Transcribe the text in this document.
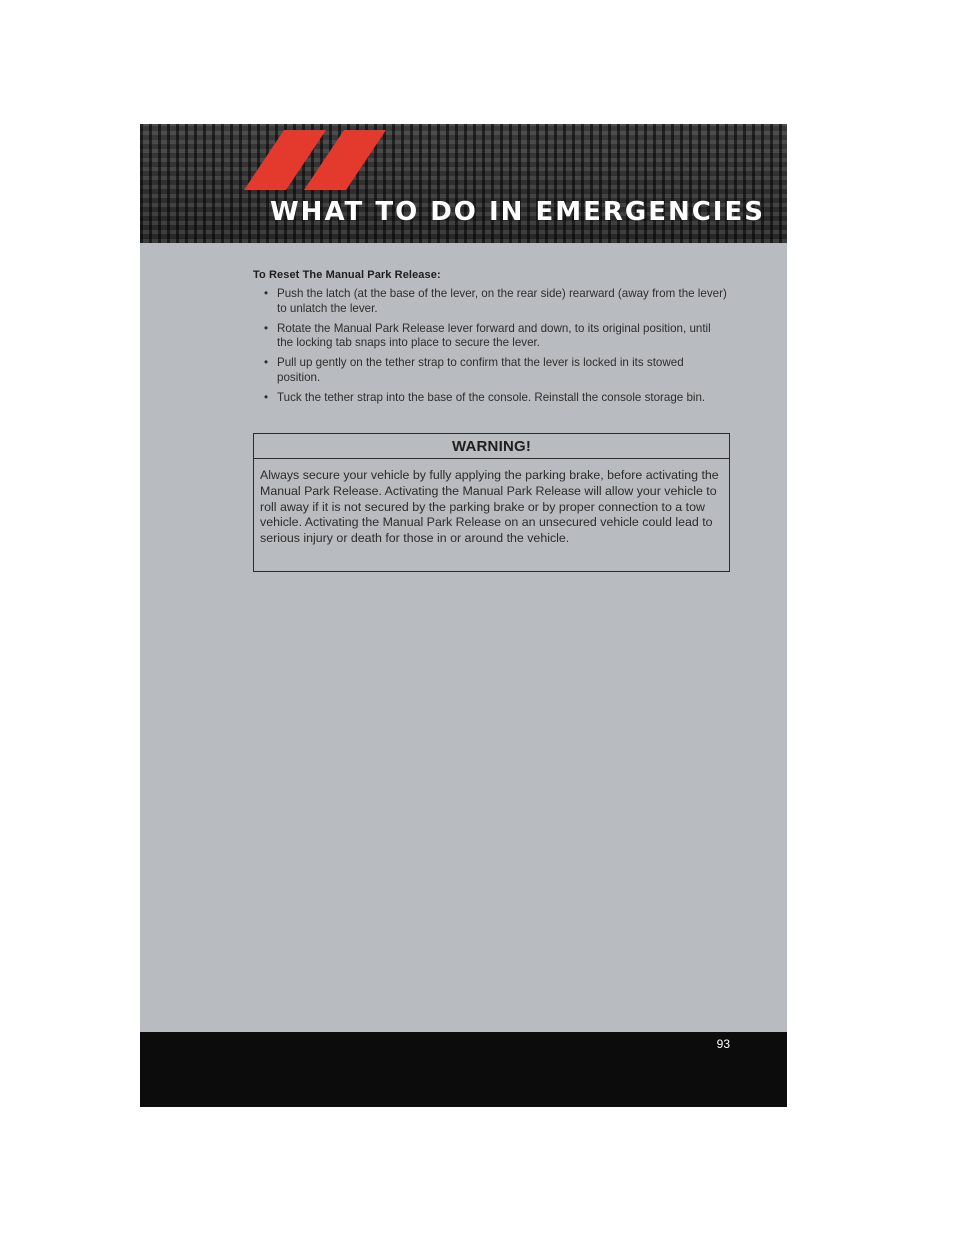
WHAT TO DO IN EMERGENCIES
To Reset The Manual Park Release:
• Push the latch (at the base of the lever, on the rear side) rearward (away from the lever) to unlatch the lever.
• Rotate the Manual Park Release lever forward and down, to its original position, until the locking tab snaps into place to secure the lever.
• Pull up gently on the tether strap to confirm that the lever is locked in its stowed position.
• Tuck the tether strap into the base of the console. Reinstall the console storage bin.
WARNING!
Always secure your vehicle by fully applying the parking brake, before activating the Manual Park Release. Activating the Manual Park Release will allow your vehicle to roll away if it is not secured by the parking brake or by proper connection to a tow vehicle. Activating the Manual Park Release on an unsecured vehicle could lead to serious injury or death for those in or around the vehicle.
93
